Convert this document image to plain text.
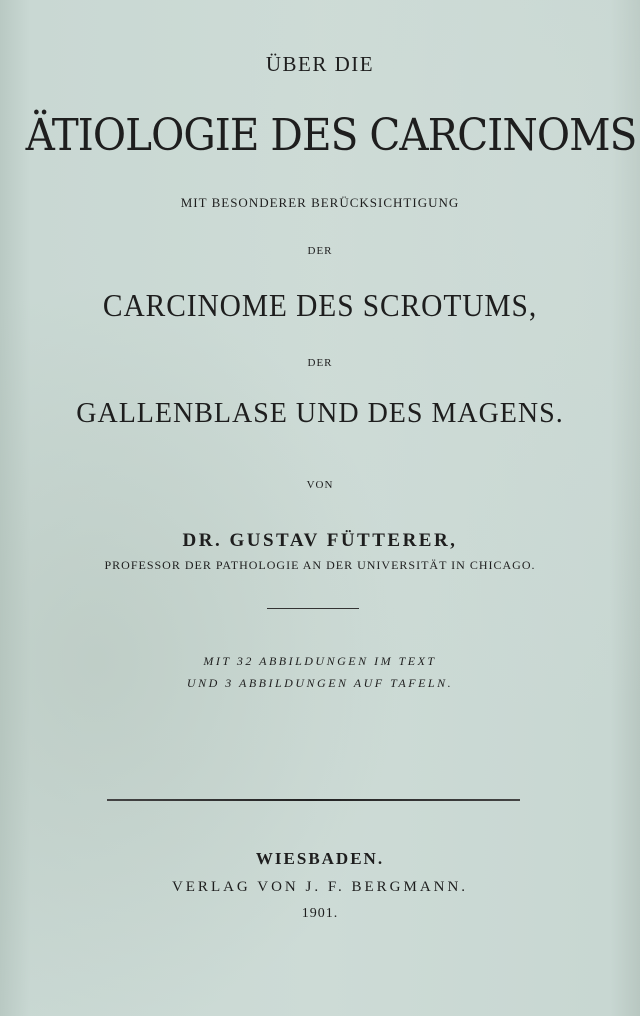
ÜBER DIE
ÄTIOLOGIE DES CARCINOMS
MIT BESONDERER BERÜCKSICHTIGUNG
DER
CARCINOME DES SCROTUMS,
DER
GALLENBLASE UND DES MAGENS.
VON
DR. GUSTAV FÜTTERER,
PROFESSOR DER PATHOLOGIE AN DER UNIVERSITÄT IN CHICAGO.
MIT 32 ABBILDUNGEN IM TEXT
UND 3 ABBILDUNGEN AUF TAFELN.
WIESBADEN.
VERLAG VON J. F. BERGMANN.
1901.
